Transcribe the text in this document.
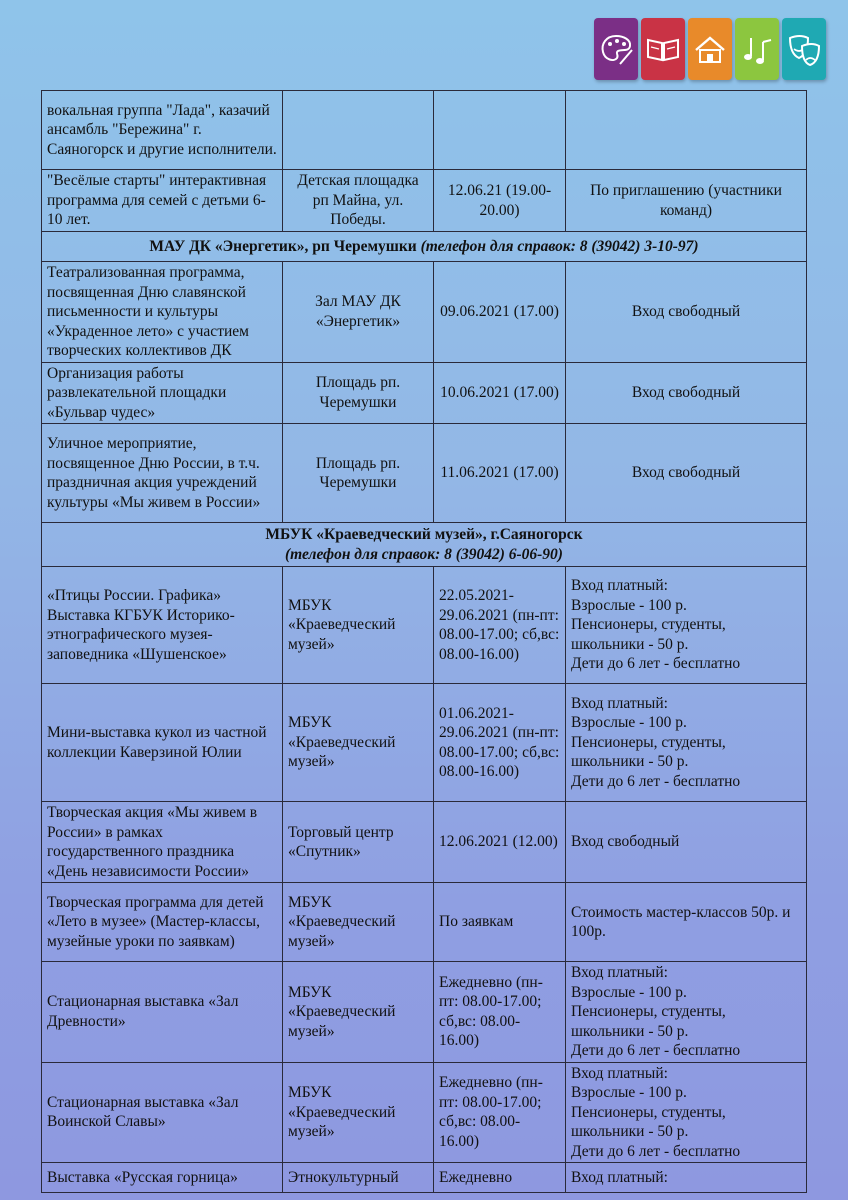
вокальная группа "Лада", казачий ансамбль "Бережина" г. Саяногорск и другие исполнители.			
"Весёлые старты" интерактивная программа для семей с детьми 6-10 лет.	Детская площадка рп Майна, ул. Победы.	12.06.21 (19.00-20.00)	По приглашению (участники команд)
МАУ ДК «Энергетик», рп Черемушки (телефон для справок: 8 (39042) 3-10-97)			
Театрализованная программа, посвященная Дню славянской письменности и культуры «Украденное лето» с участием творческих коллективов ДК	Зал МАУ ДК «Энергетик»	09.06.2021 (17.00)	Вход свободный
Организация работы развлекательной площадки «Бульвар чудес»	Площадь рп. Черемушки	10.06.2021 (17.00)	Вход свободный
Уличное мероприятие, посвященное Дню России, в т.ч. праздничная акция учреждений культуры «Мы живем в России»	Площадь рп. Черемушки	11.06.2021 (17.00)	Вход свободный

МБУК «Краеведческий музей», г.Саяногорск
(телефон для справок: 8 (39042) 6-06-90)			

«Птицы России. Графика» Выставка КГБУК Историко-этнографического музея-заповедника «Шушенское»	МБУК «Краеведческий музей»	22.05.2021-29.06.2021 (пн-пт: 08.00-17.00; сб,вс: 08.00-16.00)	Вход платный:
Взрослые - 100 р.
Пенсионеры, студенты, школьники - 50 р.
Дети до 6 лет - бесплатно
Мини-выставка кукол из частной коллекции Каверзиной Юлии	МБУК «Краеведческий музей»	01.06.2021-29.06.2021 (пн-пт: 08.00-17.00; сб,вс: 08.00-16.00)	Вход платный:
Взрослые - 100 р.
Пенсионеры, студенты, школьники - 50 р.
Дети до 6 лет - бесплатно
Творческая акция «Мы живем в России» в рамках государственного праздника «День независимости России»	Торговый центр «Спутник»	12.06.2021 (12.00)	Вход свободный
Творческая программа для детей «Лето в музее» (Мастер-классы, музейные уроки по заявкам)	МБУК «Краеведческий музей»	По заявкам	Стоимость мастер-классов 50р. и 100р.
Стационарная выставка «Зал Древности»	МБУК «Краеведческий музей»	Ежедневно (пн-пт: 08.00-17.00; сб,вс: 08.00-16.00)	Вход платный:
Взрослые - 100 р.
Пенсионеры, студенты, школьники - 50 р.
Дети до 6 лет - бесплатно
Стационарная выставка «Зал Воинской Славы»	МБУК «Краеведческий музей»	Ежедневно (пн-пт: 08.00-17.00; сб,вс: 08.00-16.00)	Вход платный:
Взрослые - 100 р.
Пенсионеры, студенты, школьники - 50 р.
Дети до 6 лет - бесплатно
Выставка «Русская горница»	Этнокультурный	Ежедневно	Вход платный:
